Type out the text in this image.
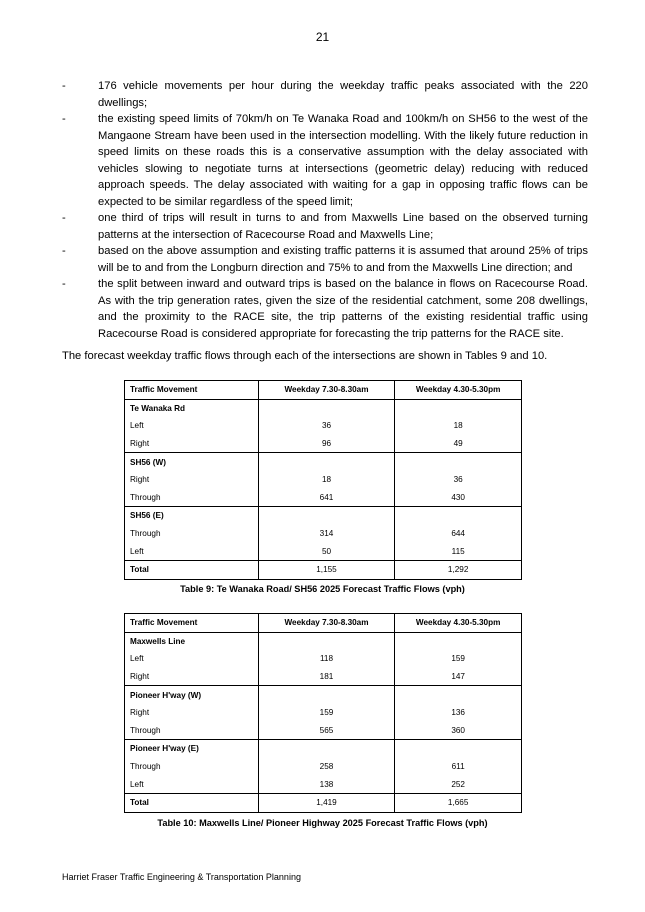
21
-	176 vehicle movements per hour during the weekday traffic peaks associated with the 220 dwellings;
-	the existing speed limits of 70km/h on Te Wanaka Road and 100km/h on SH56 to the west of the Mangaone Stream have been used in the intersection modelling. With the likely future reduction in speed limits on these roads this is a conservative assumption with the delay associated with vehicles slowing to negotiate turns at intersections (geometric delay) reducing with reduced approach speeds. The delay associated with waiting for a gap in opposing traffic flows can be expected to be similar regardless of the speed limit;
-	one third of trips will result in turns to and from Maxwells Line based on the observed turning patterns at the intersection of Racecourse Road and Maxwells Line;
-	based on the above assumption and existing traffic patterns it is assumed that around 25% of trips will be to and from the Longburn direction and 75% to and from the Maxwells Line direction; and
-	the split between inward and outward trips is based on the balance in flows on Racecourse Road. As with the trip generation rates, given the size of the residential catchment, some 208 dwellings, and the proximity to the RACE site, the trip patterns of the existing residential traffic using Racecourse Road is considered appropriate for forecasting the trip patterns for the RACE site.

The forecast weekday traffic flows through each of the intersections are shown in Tables 9 and 10.

Traffic Movement	Weekday 7.30-8.30am	Weekday 4.30-5.30pm
Te Wanaka Rd		
Left	36	18
Right	96	49
SH56 (W)		
Right	18	36
Through	641	430
SH56 (E)		
Through	314	644
Left	50	115
Total	1,155	1,292
Table 9: Te Wanaka Road/ SH56 2025 Forecast Traffic Flows (vph)
Traffic Movement	Weekday 7.30-8.30am	Weekday 4.30-5.30pm
Maxwells Line		
Left	118	159
Right	181	147
Pioneer H'way (W)		
Right	159	136
Through	565	360
Pioneer H'way (E)		
Through	258	611
Left	138	252
Total	1,419	1,665
Table 10: Maxwells Line/ Pioneer Highway 2025 Forecast Traffic Flows (vph)
Harriet Fraser Traffic Engineering & Transportation Planning
